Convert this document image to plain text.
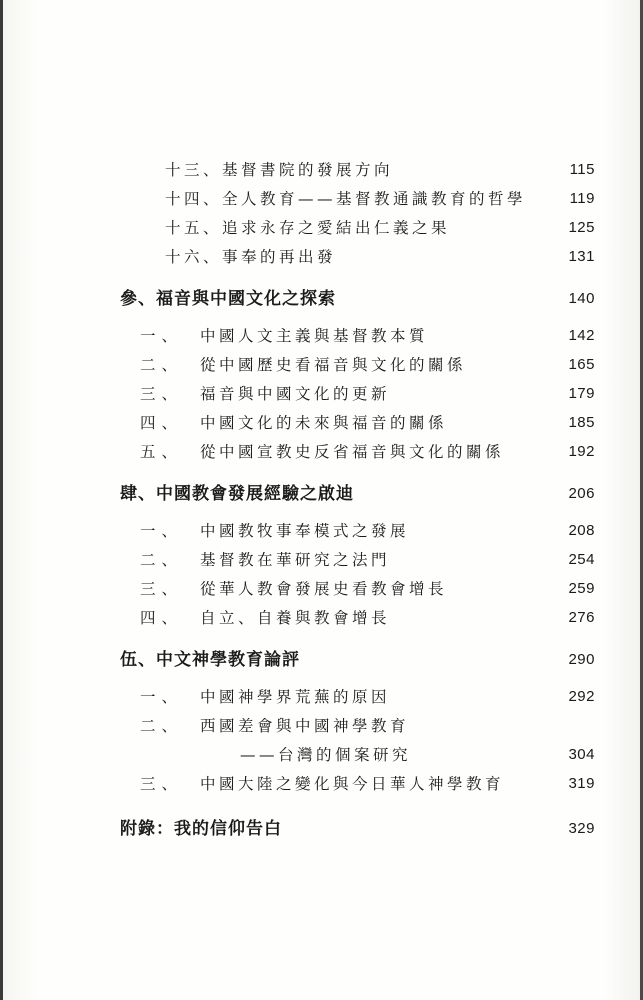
十三、基督書院的發展方向	115
十四、全人教育——基督教通識教育的哲學	119
十五、追求永存之愛結出仁義之果	125
十六、事奉的再出發	131
參、福音與中國文化之探索	140
一、 中國人文主義與基督教本質	142
二、 從中國歷史看福音與文化的關係	165
三、 福音與中國文化的更新	179
四、 中國文化的未來與福音的關係	185
五、 從中國宣教史反省福音與文化的關係	192
肆、中國教會發展經驗之啟迪	206
一、 中國教牧事奉模式之發展	208
二、 基督教在華研究之法門	254
三、 從華人教會發展史看教會增長	259
四、 自立、自養與教會增長	276
伍、中文神學教育論評	290
一、 中國神學界荒蕪的原因	292
二、 西國差會與中國神學教育
——台灣的個案研究	304
三、 中國大陸之變化與今日華人神學教育	319
附錄：我的信仰告白	329
